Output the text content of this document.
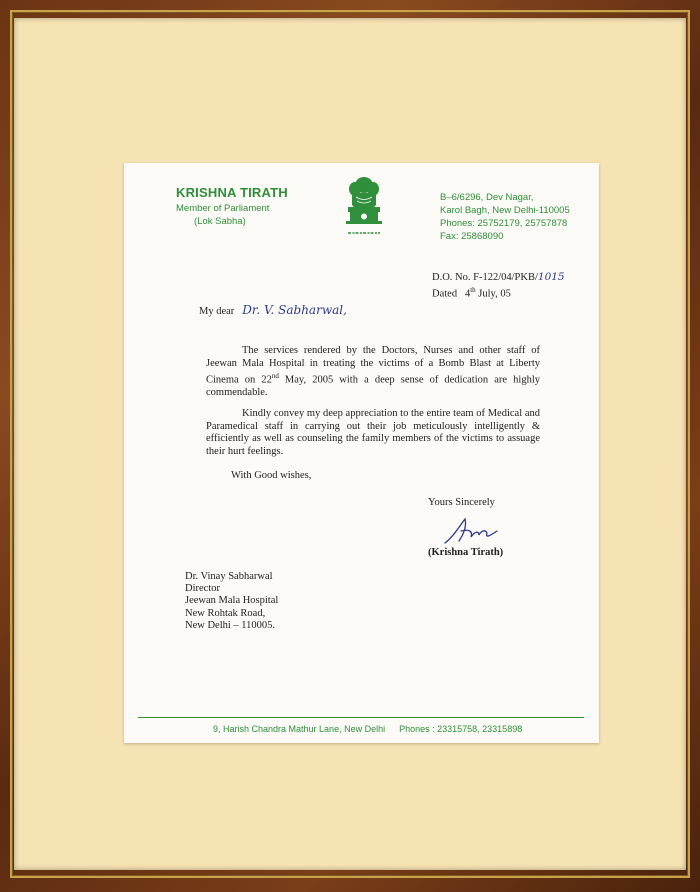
KRISHNA TIRATH
Member of Parliament
(Lok Sabha)
B–6/6296, Dev Nagar,
Karol Bagh, New Delhi-110005
Phones: 25752179, 25757878
Fax: 25868090
D.O. No. F-122/04/PKB/1015
Dated 4th July, 05
My dear Dr. V. Sabharwal,

The services rendered by the Doctors, Nurses and other staff of Jeewan Mala Hospital in treating the victims of a Bomb Blast at Liberty Cinema on 22nd May, 2005 with a deep sense of dedication are highly commendable.

Kindly convey my deep appreciation to the entire team of Medical and Paramedical staff in carrying out their job meticulously intelligently & efficiently as well as counseling the family members of the victims to assuage their hurt feelings.

With Good wishes,
Yours Sincerely
(Krishna Tirath)
Dr. Vinay Sabharwal
Director
Jeewan Mala Hospital
New Rohtak Road,
New Delhi – 110005.
9, Harish Chandra Mathur Lane, New Delhi Phones : 23315758, 23315898
